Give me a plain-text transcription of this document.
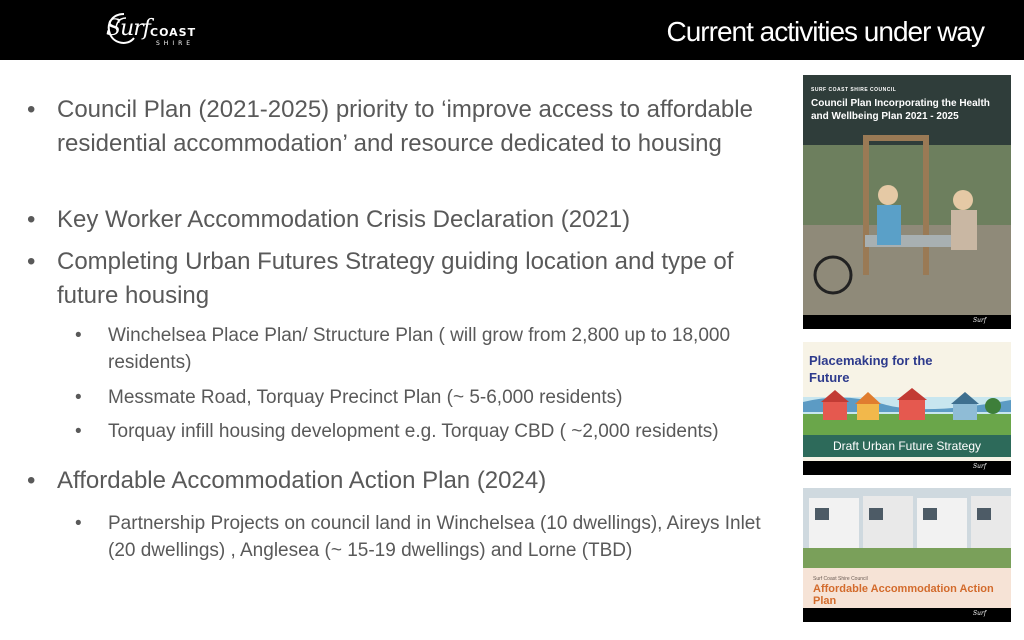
Surf COAST
SHIRE	Current activities under way
• Council Plan (2021-2025) priority to ‘improve access to affordable residential accommodation’ and resource dedicated to housing
• Key Worker Accommodation Crisis Declaration (2021)
• Completing Urban Futures Strategy guiding location and type of future housing
• Winchelsea Place Plan/ Structure Plan ( will grow from 2,800 up to 18,000 residents)
• Messmate Road, Torquay Precinct Plan (~ 5-6,000 residents)
• Torquay infill housing development e.g. Torquay CBD ( ~2,000 residents)
• Affordable Accommodation Action Plan (2024)
• Partnership Projects on council land in Winchelsea (10 dwellings), Aireys Inlet (20 dwellings) , Anglesea (~ 15-19 dwellings) and Lorne (TBD)
SURF COAST SHIRE COUNCIL
Council Plan Incorporating the Health and Wellbeing Plan 2021 - 2025
Surf
Placemaking for the Future
Draft Urban Future Strategy
Surf
Surf Coast Shire Council
Affordable Accommodation Action Plan
Surf
